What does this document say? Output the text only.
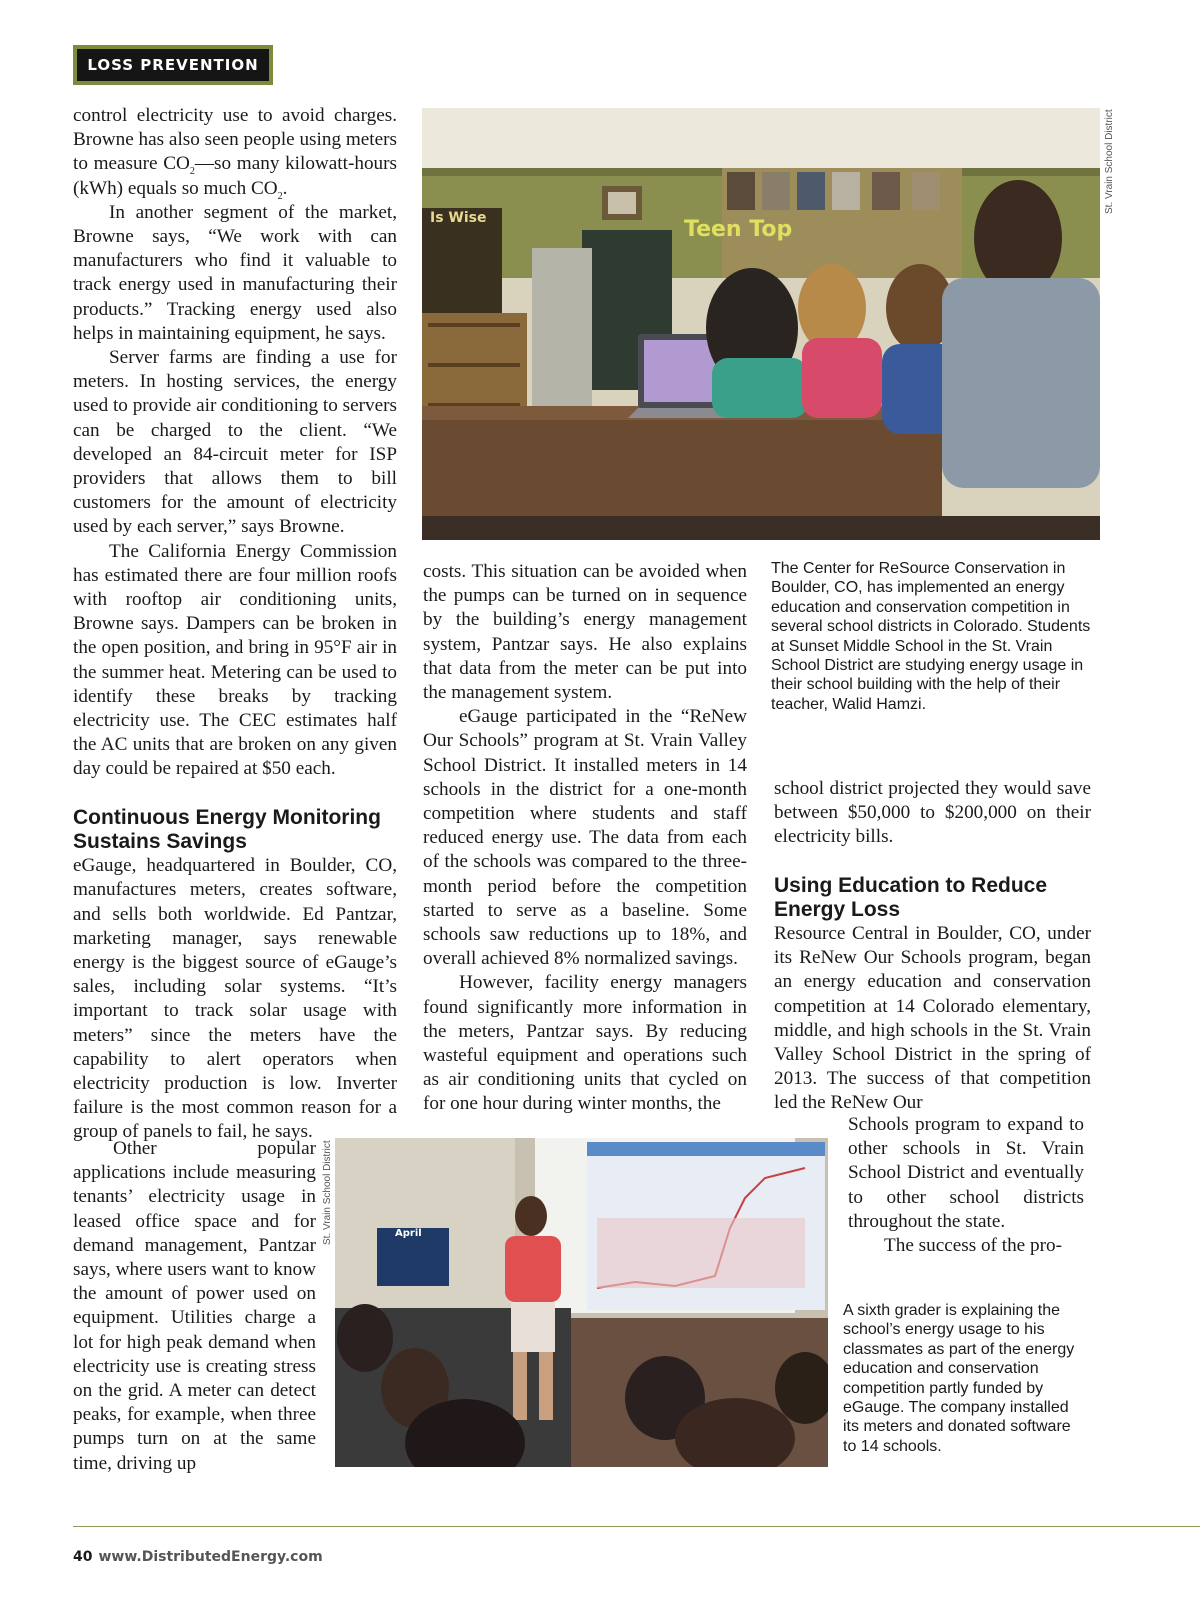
LOSS PREVENTION

control electricity use to avoid charges. Browne has also seen people using meters to measure $CO_2—so$ many kilowatt-hours (kWh) equals so much $CO_2$.

In another segment of the market, Browne says, “We work with can manufacturers who find it valuable to track energy used in manufacturing their products.” Tracking energy used also helps in maintaining equipment, he says.

Server farms are finding a use for meters. In hosting services, the energy used to provide air conditioning to servers can be charged to the client. “We developed an 84-circuit meter for ISP providers that allows them to bill customers for the amount of electricity used by each server,” says Browne.

The California Energy Commission has estimated there are four million roofs with rooftop air conditioning units, Browne says. Dampers can be broken in the open position, and bring in 95°F air in the summer heat. Metering can be used to identify these breaks by tracking electricity use. The CEC estimates half the AC units that are broken on any given day could be repaired at $50 each.

Continuous Energy Monitoring Sustains Savings

eGauge, headquartered in Boulder, CO, manufactures meters, creates software, and sells both worldwide. Ed Pantzar, marketing manager, says renewable energy is the biggest source of eGauge’s sales, including solar systems. “It’s important to track solar usage with meters” since the meters have the capability to alert operators when electricity production is low. Inverter failure is the most common reason for a group of panels to fail, he says.

Other popular applications include measuring tenants’ electricity usage in leased office space and for demand management, Pantzar says, where users want to know the amount of power used on equipment. Utilities charge a lot for high peak demand when electricity use is creating stress on the grid. A meter can detect peaks, for example, when three pumps turn on at the same time, driving up

costs. This situation can be avoided when the pumps can be turned on in sequence by the building’s energy management system, Pantzar says. He also explains that data from the meter can be put into the management system.

eGauge participated in the “ReNew Our Schools” program at St. Vrain Valley School District. It installed meters in 14 schools in the district for a one-month competition where students and staff reduced energy use. The data from each of the schools was compared to the three-month period before the competition started to serve as a baseline. Some schools saw reductions up to 18%, and overall achieved 8% normalized savings.

However, facility energy managers found significantly more information in the meters, Pantzar says. By reducing wasteful equipment and operations such as air conditioning units that cycled on for one hour during winter months, the

school district projected they would save between $50,000 to $200,000 on their electricity bills.

Using Education to Reduce Energy Loss

Resource Central in Boulder, CO, under its ReNew Our Schools program, began an energy education and conservation competition at 14 Colorado elementary, middle, and high schools in the St. Vrain Valley School District in the spring of 2013. The success of that competition led the ReNew Our

Schools program to expand to other schools in St. Vrain School District and eventually to other school districts throughout the state.

The success of the pro-

Is Wise	Teen Top
St. Vrain School District
The Center for ReSource Conservation in Boulder, CO, has implemented an energy education and conservation competition in several school districts in Colorado. Students at Sunset Middle School in the St. Vrain School District are studying energy usage in their school building with the help of their teacher, Walid Hamzi.
April
St. Vrain School District
A sixth grader is explaining the school’s energy usage to his classmates as part of the energy education and conservation competition partly funded by eGauge. The company installed its meters and donated software to 14 schools.
40 www.DistributedEnergy.com
